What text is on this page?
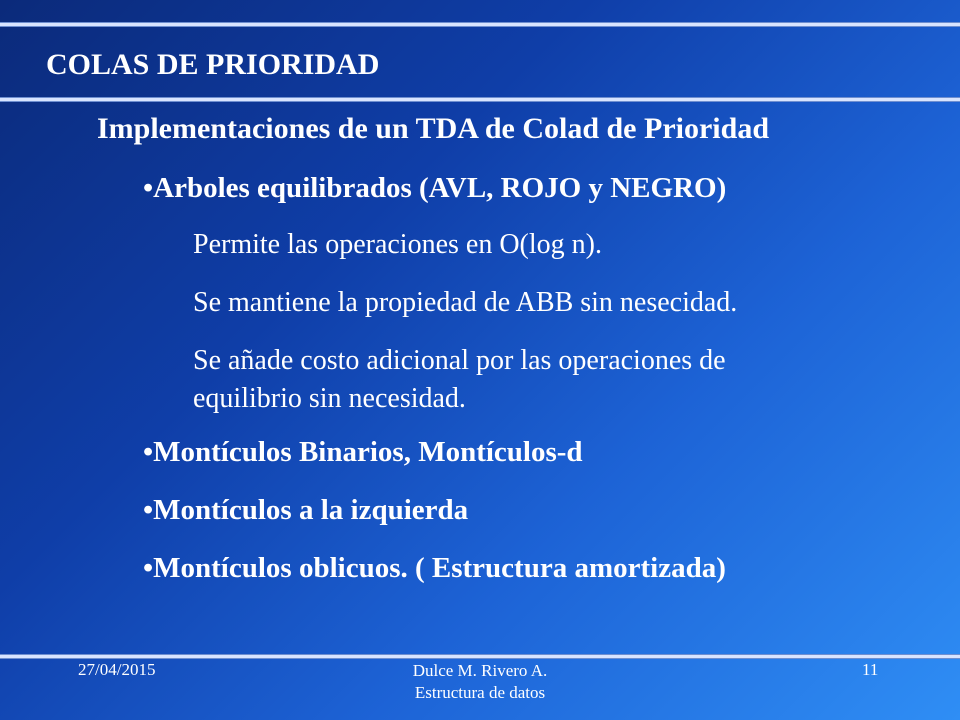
COLAS DE PRIORIDAD
Implementaciones de un TDA de Colad de Prioridad
•Arboles equilibrados (AVL, ROJO y NEGRO)
Permite las operaciones en O(log n).
Se mantiene la propiedad de ABB sin nesecidad.
Se añade costo adicional por las operaciones de equilibrio sin necesidad.
•Montículos Binarios, Montículos-d
•Montículos a la izquierda
•Montículos oblicuos. ( Estructura amortizada)
27/04/2015	Dulce M. Rivero A.
Estructura de datos
11
